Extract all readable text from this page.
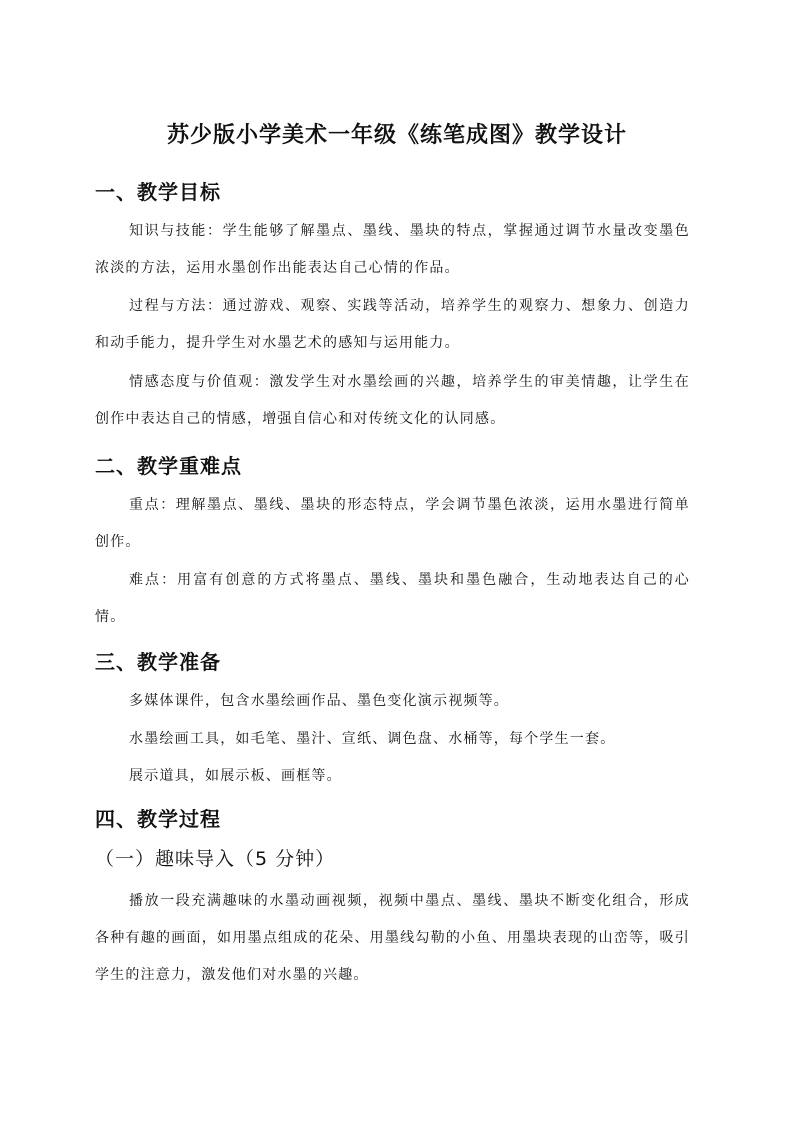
苏少版小学美术一年级《练笔成图》教学设计
一、教学目标
知识与技能：学生能够了解墨点、墨线、墨块的特点，掌握通过调节水量改变墨色浓淡的方法，运用水墨创作出能表达自己心情的作品。
过程与方法：通过游戏、观察、实践等活动，培养学生的观察力、想象力、创造力和动手能力，提升学生对水墨艺术的感知与运用能力。
情感态度与价值观：激发学生对水墨绘画的兴趣，培养学生的审美情趣，让学生在创作中表达自己的情感，增强自信心和对传统文化的认同感。
二、教学重难点
重点：理解墨点、墨线、墨块的形态特点，学会调节墨色浓淡，运用水墨进行简单创作。
难点：用富有创意的方式将墨点、墨线、墨块和墨色融合，生动地表达自己的心情。
三、教学准备
多媒体课件，包含水墨绘画作品、墨色变化演示视频等。
水墨绘画工具，如毛笔、墨汁、宣纸、调色盘、水桶等，每个学生一套。
展示道具，如展示板、画框等。
四、教学过程
（一）趣味导入（5 分钟）
播放一段充满趣味的水墨动画视频，视频中墨点、墨线、墨块不断变化组合，形成各种有趣的画面，如用墨点组成的花朵、用墨线勾勒的小鱼、用墨块表现的山峦等，吸引学生的注意力，激发他们对水墨的兴趣。
